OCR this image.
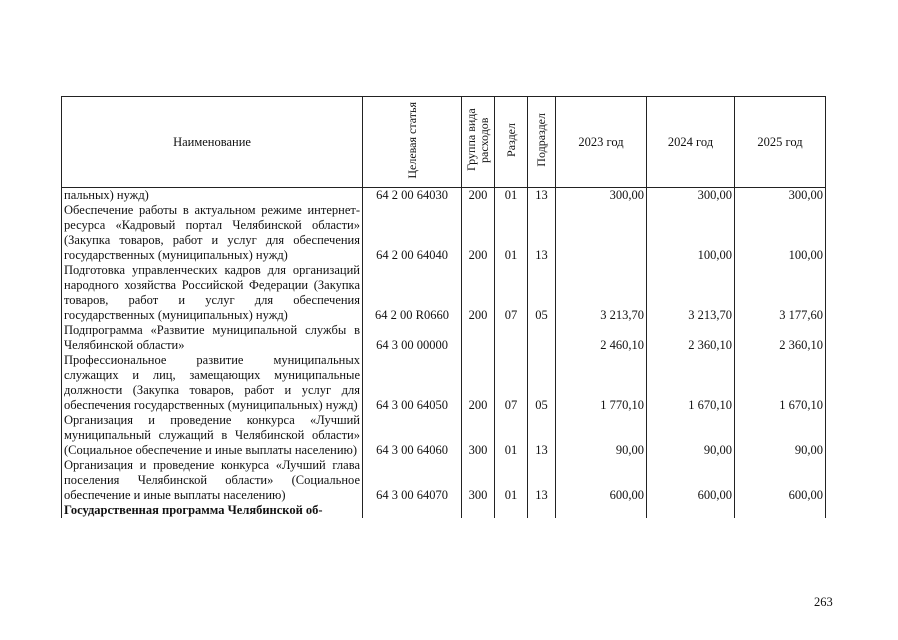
Наименование	Целевая статья	Группа вида расходов	Раздел	Подраздел	2023 год	2024 год	2025 год
пальных) нужд)	64 2 00 64030	200	01	13	300,00	300,00	300,00
Обеспечение работы в актуальном режиме интернет-ресурса «Кадровый портал Челябинской области» (Закупка товаров, работ и услуг для обеспечения государственных (муниципальных) нужд)	64 2 00 64040	200	01	13		100,00	100,00
Подготовка управленческих кадров для организаций народного хозяйства Российской Федерации (Закупка товаров, работ и услуг для обеспечения государственных (муниципальных) нужд)	64 2 00 R0660	200	07	05	3 213,70	3 213,70	3 177,60
Подпрограмма «Развитие муниципальной службы в Челябинской области»	64 3 00 00000				2 460,10	2 360,10	2 360,10
Профессиональное развитие муниципальных служащих и лиц, замещающих муниципальные должности (Закупка товаров, работ и услуг для обеспечения государственных (муниципальных) нужд)	64 3 00 64050	200	07	05	1 770,10	1 670,10	1 670,10
Организация и проведение конкурса «Лучший муниципальный служащий в Челябинской области» (Социальное обеспечение и иные выплаты населению)	64 3 00 64060	300	01	13	90,00	90,00	90,00
Организация и проведение конкурса «Лучший глава поселения Челябинской области» (Социальное обеспечение и иные выплаты населению)	64 3 00 64070	300	01	13	600,00	600,00	600,00
Государственная программа Челябинской об-							
263
